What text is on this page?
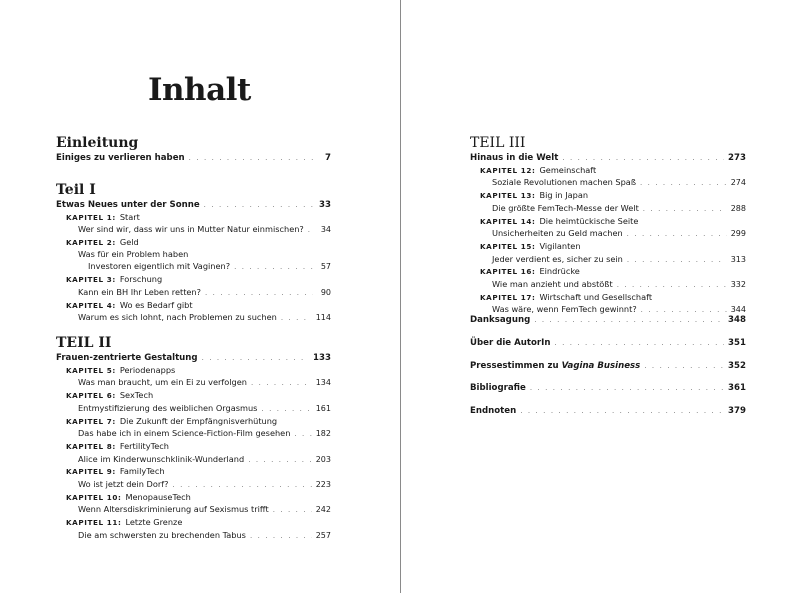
Inhalt
Einleitung
Einiges zu verlieren haben . . .	7
Teil I
Etwas Neues unter der Sonne . . .	33
KAPITEL 1: Start
Wer sind wir, dass wir uns in Mutter Natur einmischen? . . .	34
KAPITEL 2: Geld
Was für ein Problem haben
Investoren eigentlich mit Vaginen? . . .	57
KAPITEL 3: Forschung
Kann ein BH Ihr Leben retten? . . .	90
KAPITEL 4: Wo es Bedarf gibt
Warum es sich lohnt, nach Problemen zu suchen . . .	114
TEIL II
Frauen-zentrierte Gestaltung . . .	133
KAPITEL 5: Periodenapps
Was man braucht, um ein Ei zu verfolgen . . .	134
KAPITEL 6: SexTech
Entmystifizierung des weiblichen Orgasmus . . .	161
KAPITEL 7: Die Zukunft der Empfängnisverhütung
Das habe ich in einem Science-Fiction-Film gesehen . . .	182
KAPITEL 8: FertilityTech
Alice im Kinderwunschklinik-Wunderland . . .	203
KAPITEL 9: FamilyTech
Wo ist jetzt dein Dorf? . . .	223
KAPITEL 10: MenopauseTech
Wenn Altersdiskriminierung auf Sexismus trifft . . .	242
KAPITEL 11: Letzte Grenze
Die am schwersten zu brechenden Tabus . . .	257
TEIL III
Hinaus in die Welt . . .	273
KAPITEL 12: Gemeinschaft
Soziale Revolutionen machen Spaß . . .	274
KAPITEL 13: Big in Japan
Die größte FemTech-Messe der Welt . . .	288
KAPITEL 14: Die heimtückische Seite
Unsicherheiten zu Geld machen . . .	299
KAPITEL 15: Vigilanten
Jeder verdient es, sicher zu sein . . .	313
KAPITEL 16: Eindrücke
Wie man anzieht und abstößt . . .	332
KAPITEL 17: Wirtschaft und Gesellschaft
Was wäre, wenn FemTech gewinnt? . . .	344
Danksagung . . .	348
Über die AutorIn . . .	351
Pressestimmen zu Vagina Business . . .	352
Bibliografie . . .	361
Endnoten . . .	379
